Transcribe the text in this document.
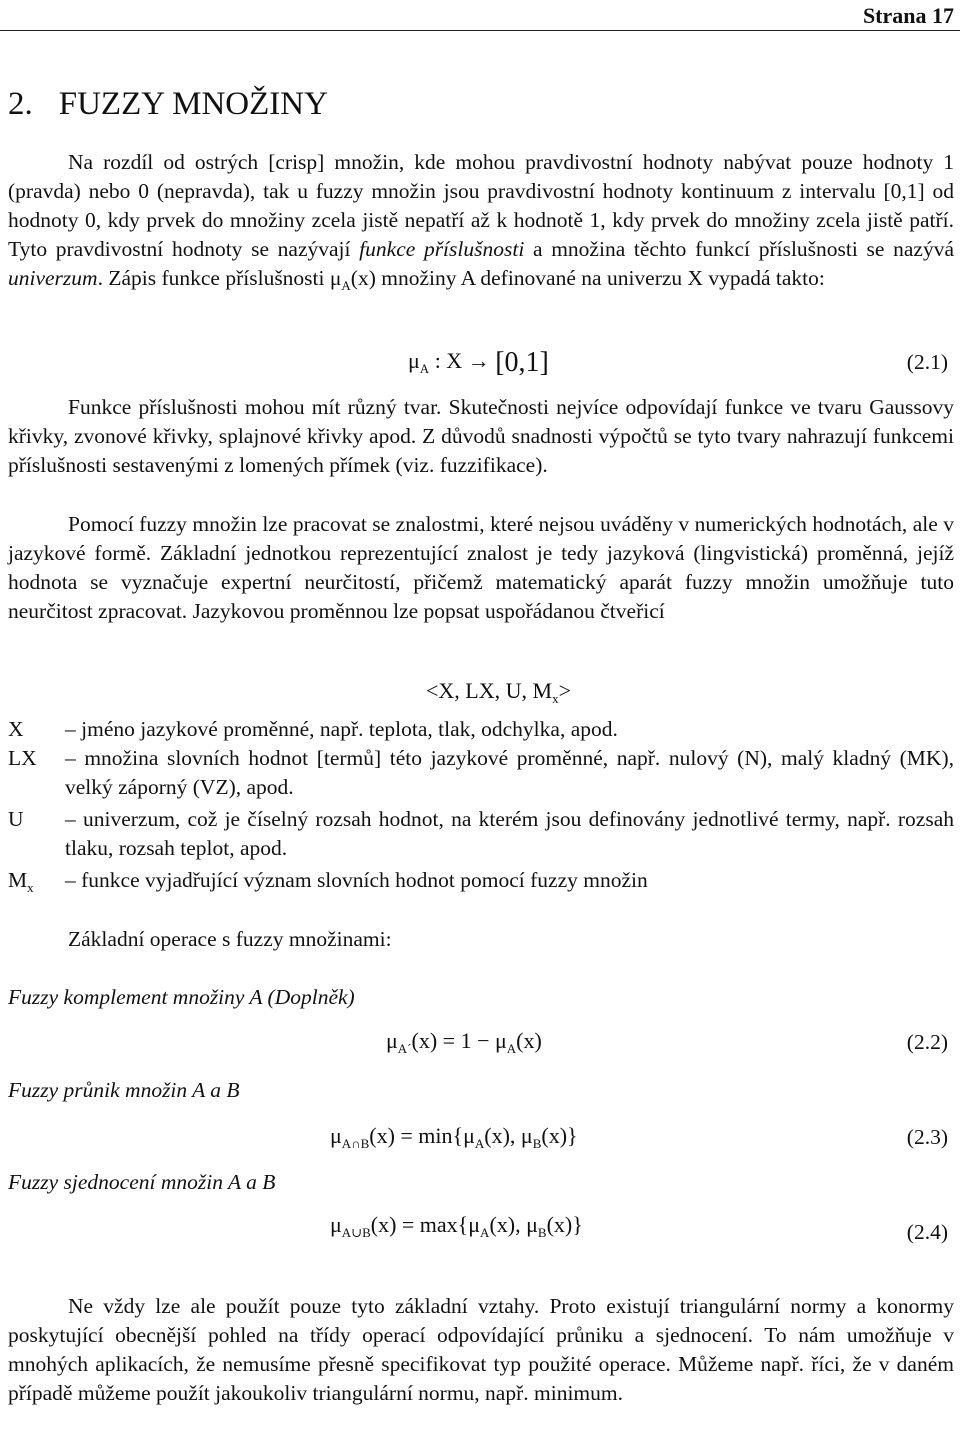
Strana 17
2. FUZZY MNOŽINY

Na rozdíl od ostrých [crisp] množin, kde mohou pravdivostní hodnoty nabývat pouze hodnoty 1 (pravda) nebo 0 (nepravda), tak u fuzzy množin jsou pravdivostní hodnoty kontinuum z intervalu [0,1] od hodnoty 0, kdy prvek do množiny zcela jistě nepatří až k hodnotě 1, kdy prvek do množiny zcela jistě patří. Tyto pravdivostní hodnoty se nazývají funkce příslušnosti a množina těchto funkcí příslušnosti se nazývá univerzum. Zápis funkce příslušnosti $\mu_A(x)$ množiny A definované na univerzu X vypadá takto:

$\mu_A$ : X → [0,1]	(2.1)

Funkce příslušnosti mohou mít různý tvar. Skutečnosti nejvíce odpovídají funkce ve tvaru Gaussovy křivky, zvonové křivky, splajnové křivky apod. Z důvodů snadnosti výpočtů se tyto tvary nahrazují funkcemi příslušnosti sestavenými z lomených přímek (viz. fuzzifikace).

Pomocí fuzzy množin lze pracovat se znalostmi, které nejsou uváděny v numerických hodnotách, ale v jazykové formě. Základní jednotkou reprezentující znalost je tedy jazyková (lingvistická) proměnná, jejíž hodnota se vyznačuje expertní neurčitostí, přičemž matematický aparát fuzzy množin umožňuje tuto neurčitost zpracovat. Jazykovou proměnnou lze popsat uspořádanou čtveřicí

<X, LX, U, $M_x>$
X – jméno jazykové proměnné, např. teplota, tlak, odchylka, apod.

LX – množina slovních hodnot [termů] této jazykové proměnné, např. nulový (N), malý kladný (MK), velký záporný (VZ), apod.

U – univerzum, což je číselný rozsah hodnot, na kterém jsou definovány jednotlivé termy, např. rozsah tlaku, rozsah teplot, apod.

$M_x$ – funkce vyjadřující význam slovních hodnot pomocí fuzzy množin

Základní operace s fuzzy množinami:

Fuzzy komplement množiny A (Doplněk)
$\mu_{A´}(x) = 1 - \mu_A(x)$	(2.2)
Fuzzy průnik množin A a B
$\mu_{A\cap B}(x) = \min\{\mu_A(x)$, $\mu_B(x)$}	(2.3)
Fuzzy sjednocení množin A a B
$\mu_{A\cup B}(x) = \max\{\mu_A(x)$, $\mu_B(x)$}	(2.4)

Ne vždy lze ale použít pouze tyto základní vztahy. Proto existují triangulární normy a konormy poskytující obecnější pohled na třídy operací odpovídající průniku a sjednocení. To nám umožňuje v mnohých aplikacích, že nemusíme přesně specifikovat typ použité operace. Můžeme např. říci, že v daném případě můžeme použít jakoukoliv triangulární normu, např. minimum.
